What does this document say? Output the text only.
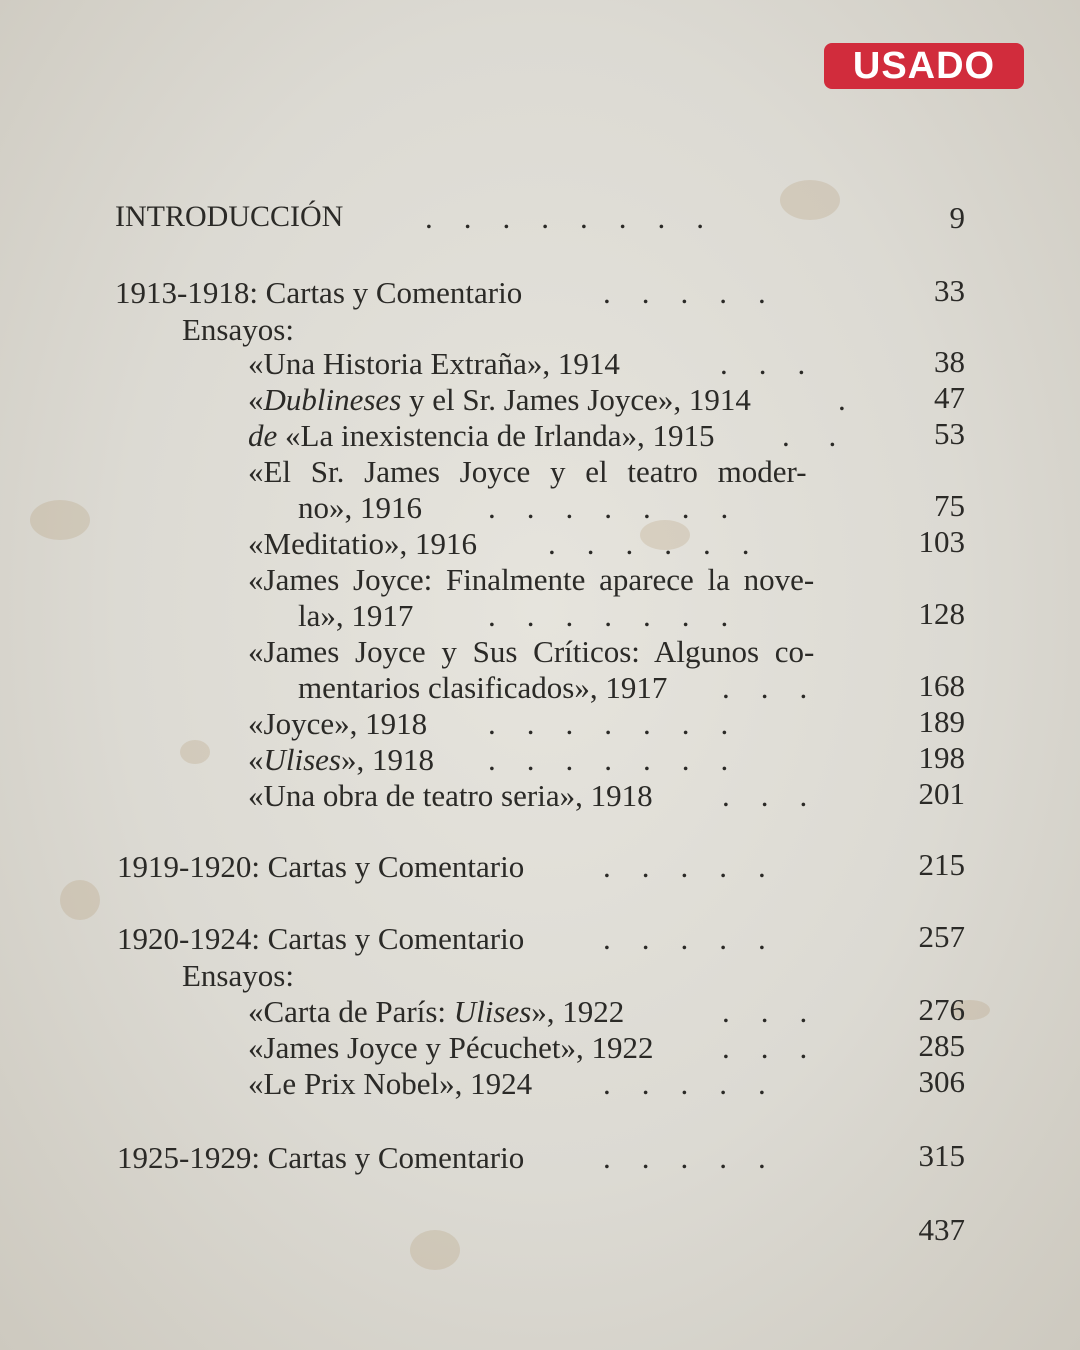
USADO
INTRODUCCIÓN	.    .    .    .    .    .    .    .	9
1913-1918: Cartas y Comentario	.    .    .    .    .	33
Ensayos:
«Una Historia Extraña», 1914	.    .    .	38
«Dublineses y el Sr. James Joyce», 1914	.	47
de «La inexistencia de Irlanda», 1915 .     .	53
«El Sr. James Joyce y el teatro moder-
no», 1916 .    .    .    .    .    .    .	75
«Meditatio», 1916 .    .    .    .    .    .	103
«James Joyce: Finalmente aparece la nove-
la», 1917 .    .    .    .    .    .    .	128
«James Joyce y Sus Críticos: Algunos co-
mentarios clasificados», 1917 .    .    .	168
«Joyce», 1918 .    .    .    .    .    .    .	189
«Ulises», 1918 .    .    .    .    .    .    .	198
«Una obra de teatro seria», 1918 .    .    .	201
1919-1920: Cartas y Comentario	.    .    .    .    .	215
1920-1924: Cartas y Comentario	.    .    .    .    .	257
Ensayos:
«Carta de París: Ulises», 1922	.    .    .	276
«James Joyce y Pécuchet», 1922 .    .    .	285
«Le Prix Nobel», 1924 .    .    .    .    .	306
1925-1929: Cartas y Comentario	.    .    .    .    .	315
437
